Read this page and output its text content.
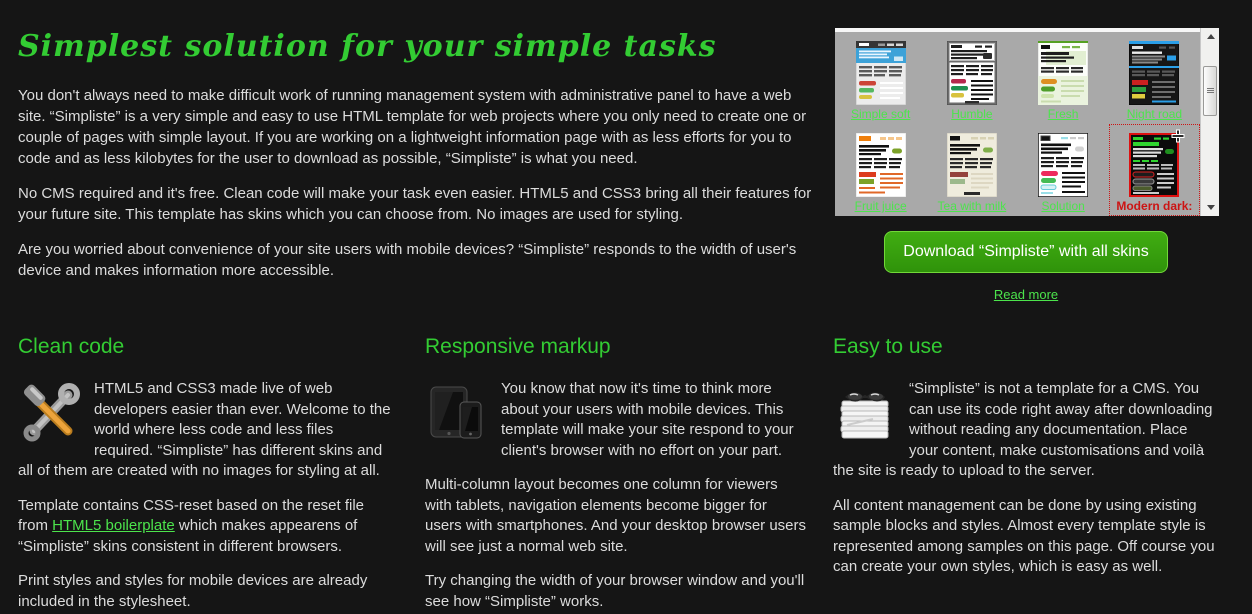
Simplest solution for your simple tasks

You don't always need to make difficult work of running management system with administrative panel to have a web site. “Simpliste” is a very simple and easy to use HTML template for web projects where you only need to create one or couple of pages with simple layout. If you are working on a lightweight information page with as less efforts for you to code and as less kilobytes for the user to download as possible, “Simpliste” is what you need.

No CMS required and it's free. Clean code will make your task even easier. HTML5 and CSS3 bring all their features for your future site. This template has skins which you can choose from. No images are used for styling.

Are you worried about convenience of your site users with mobile devices? “Simpliste” responds to the width of user's device and makes information more accessible.

Simple soft	Humble	Fresh	Night road
Fruit juice	Tea with milk	Solution	Modern dark:
Download “Simpliste” with all skins
Read more
Clean code

HTML5 and CSS3 made live of web developers easier than ever. Welcome to the world where less code and less files required. “Simpliste” has different skins and all of them are created with no images for styling at all.

Template contains CSS-reset based on the reset file from HTML5 boilerplate which makes appearens of “Simpliste” skins consistent in different browsers.

Print styles and styles for mobile devices are already included in the stylesheet.

Responsive markup

You know that now it's time to think more about your users with mobile devices. This template will make your site respond to your client's browser with no effort on your part.

Multi-column layout becomes one column for viewers with tablets, navigation elements become bigger for users with smartphones. And your desktop browser users will see just a normal web site.

Try changing the width of your browser window and you'll see how “Simpliste” works.

Easy to use

“Simpliste” is not a template for a CMS. You can use its code right away after downloading without reading any documentation. Place your content, make customisations and voilà the site is ready to upload to the server.

All content management can be done by using existing sample blocks and styles. Almost every template style is represented among samples on this page. Off course you can create your own styles, which is easy as well.
